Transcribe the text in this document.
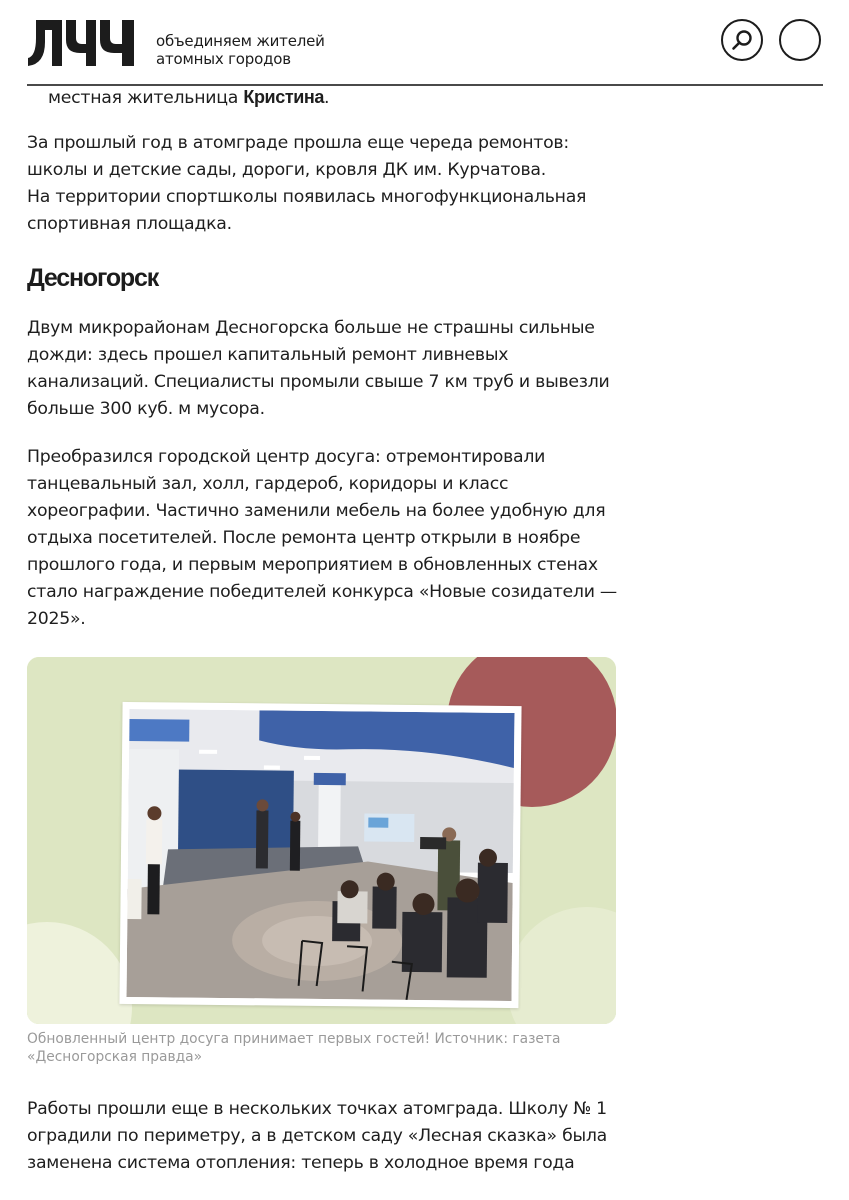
объединяем жителей
атомных городов

местная жительница Кристина.

За прошлый год в атомграде прошла еще череда ремонтов:
школы и детские сады, дороги, кровля ДК им. Курчатова.
На территории спортшколы появилась многофункциональная
спортивная площадка.
Десногорск
Двум микрорайонам Десногорска больше не страшны сильные
дожди: здесь прошел капитальный ремонт ливневых
канализаций. Специалисты промыли свыше 7 км труб и вывезли
больше 300 куб. м мусора.
Преобразился городской центр досуга: отремонтировали
танцевальный зал, холл, гардероб, коридоры и класс
хореографии. Частично заменили мебель на более удобную для
отдыха посетителей. После ремонта центр открыли в ноябре
прошлого года, и первым мероприятием в обновленных стенах
стало награждение победителей конкурса «Новые созидатели —
2025».
Обновленный центр досуга принимает первых гостей! Источник: газета
«Десногорская правда»
Работы прошли еще в нескольких точках атомграда. Школу № 1
оградили по периметру, а в детском саду «Лесная сказка» была
заменена система отопления: теперь в холодное время года
